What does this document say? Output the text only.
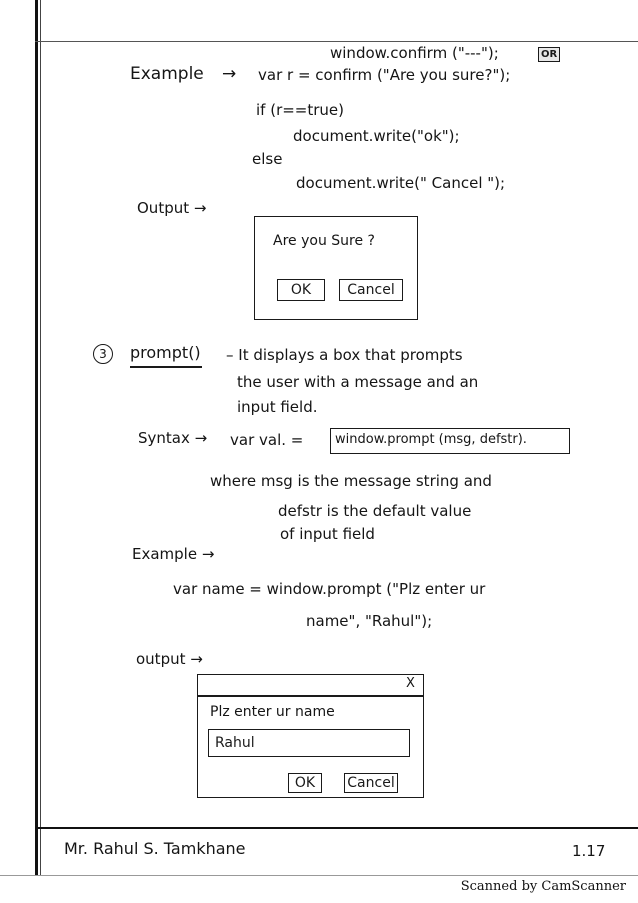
window.confirm ("---");	OR
Example → var r = confirm ("Are you sure?");
if (r==true)
document.write("ok");
else
document.write(" Cancel ");
Output →
Are you Sure ?
OK	Cancel
3	prompt() – It displays a box that prompts
the user with a message and an
input field.
Syntax → var val. = window.prompt (msg, defstr).
where msg is the message string and
defstr is the default value
of input field
Example →
var name = window.prompt ("Plz enter ur
name", "Rahul");
output →
X
Plz enter ur name
Rahul
OK	Cancel
Mr. Rahul S. Tamkhane	1.17
Scanned by CamScanner
